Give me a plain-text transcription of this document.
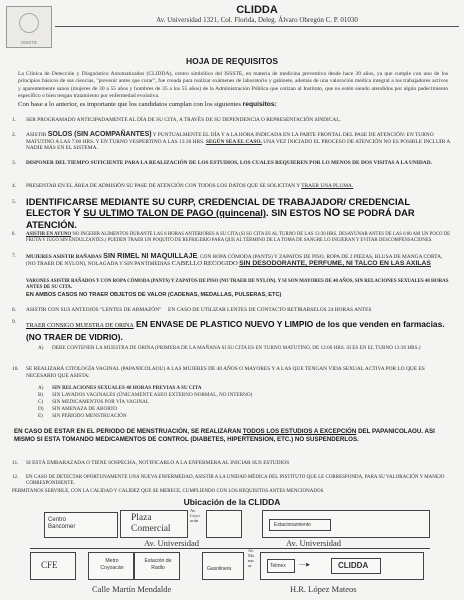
ISSSTE
CLIDDA
Av. Universidad 1321, Col. Florida, Deleg. Álvaro Obregón C. P. 01030
HOJA DE REQUISITOS
La Clínica de Detección y Diagnóstico Automatizados (CLIDDA), centro simbólico del ISSSTE, en materia de medicina preventiva desde hace 39 años, ya que cumple con uno de los principios básicos de sus ciencias, "prevenir antes que curar", fue creada para realizar exámenes de laboratorio y gabinete, además de una valoración médica integral a los trabajadores activos y aparentemente sanos (mujeres de 30 a 55 años y hombres de 35 a los 55 años) de la Administración Pública que cotizan al Instituto, que no estén siendo atendidos por algún padecimiento específico o bien tengan tratamiento por enfermedad evolutiva.
Con base a lo anterior, es importante que los candidatos cumplan con los siguientes requisitos:
1.	SER PROGRAMADO ANTICIPADAMENTE AL DÍA DE SU CITA, A TRAVÉS DE SU DEPENDENCIA O REPRESENTACIÓN SINDICAL.
2.	ASISTIR SOLOS (SIN ACOMPAÑANTES) Y PUNTUALMENTE EL DÍA Y A LA HORA INDICADA EN LA PARTE FRONTAL DEL PASE DE ATENCIÓN: EN TURNO MATUTINO A LAS 7:00 HRS. Y EN TURNO VESPERTINO A LAS 13:30 HRS. SEGÚN SEA EL CASO. UNA VEZ INICIADO EL PROCESO DE ATENCIÓN NO ES POSIBLE INCLUIR A NADIE MÁS EN EL SISTEMA.
3.	DISPONER DEL TIEMPO SUFICIENTE PARA LA REALIZACIÓN DE LOS ESTUDIOS, LOS CUALES REQUIEREN POR LO MENOS DE DOS VISITAS A LA UNIDAD.
4.	PRESENTAR EN EL ÁREA DE ADMISIÓN SU PASE DE ATENCIÓN CON TODOS LOS DATOS QUE SE SOLICITAN Y TRAER UNA PLUMA.
5.	IDENTIFICARSE MEDIANTE SU CURP, CREDENCIAL DE TRABAJADOR/ CREDENCIAL ELECTOR Y SU ULTIMO TALON DE PAGO (quincenal). SIN ESTOS NO SE PODRÁ DAR ATENCIÓN.
6.	ASISTIR EN AYUNO NO INGERIR ALIMENTOS DURANTE LAS 8 HORAS ANTERIORES A SU CITA (SI SU CITA ES AL TURNO DE LAS 13:30 HRS. DESAYUNAR ANTES DE LAS 6:00 AM UN POCO DE FRUTA Y JUGO SIN ENDULZANTES.) PUEDEN TRAER UN POQUITO DE REFRIGERIO PARA QUE AL TÉRMINO DE LA TOMA DE SANGRE LO INGIERAN Y EVITAR DESCOMPENSACIONES.
7.	MUJERES ASISTIR BAÑADAS SIN RIMEL NI MAQUILLAJE, CON ROPA CÓMODA (PANTS) Y ZAPATOS DE PISO, ROPA DE 2 PIEZAS, BLUSA DE MANGA CORTA, (NO TRAER DE NYLON), NOLAGADA Y SIN PANTIMEDIAS CABELLO RECOGIDO SIN DESODORANTE, PERFUME, NI TALCO EN LAS AXILAS
VARONES ASISTIR BAÑADOS Y CON ROPA CÓMODA (PANTS) Y ZAPATOS DE PISO (NO TRAER DE NYLON). Y SI SON MAYORES DE 40 AÑOS, SIN RELACIONES SEXUALES 48 HORAS ANTES DE SU CITA.
EN AMBOS CASOS NO TRAER OBJETOS DE VALOR (CADENAS, MEDALLAS, PULSERAS, ETC)
8.	ASISTIR CON SUS ANTEOJOS "LENTES DE ARMAZÓN" EN CASO DE UTILIZAR LENTES DE CONTACTO RETIRARSELOS 24 HORAS ANTES
9.
TRAER CONSIGO MUESTRA DE ORINA EN ENVASE DE PLASTICO NUEVO Y LIMPIO de los que venden en farmacias. (NO TRAER DE VIDRIO).
A) DEBE CONTENER LA MUESTRA DE ORINA (PRIMERA DE LA MAÑANA SI SU CITA ES EN TURNO MATUTINO, DE 12:00 HRS. SI ES EN EL TURNO 13:30 HRS.)
10.	SE REALIZARÁ CITOLOGÍA VAGINAL (PAPANICOLAOU) A LAS MUJERES DE 40 AÑOS O MAYORES Y A LAS QUE TENGAN VIDA SEXUAL ACTIVA POR LO QUE ES NECESARIO QUE ASISTA:
A) SIN RELACIONES SEXUALES 48 HORAS PREVIAS A SU CITA
B) SIN LAVADOS VAGINALES (ÚNICAMENTE ASEO EXTERNO NORMAL, NO INTERNO)
C) SIN MEDICAMENTOS POR VÍA VAGINAL
D) SIN AMENAZA DE ABORTO
E) SIN PERIODO MENSTRUACIÓN
EN CASO DE ESTAR EN EL PERIODO DE MENSTRUACIÓN, SE REALIZARAN TODOS LOS ESTUDIOS A EXCEPCIÓN DEL PAPANICOLAOU. ASI MISMO SI ESTA TOMANDO MEDICAMENTOS DE CONTROL (DIABETES, HIPERTENSION, ETC.) NO SUSPENDERLOS.
11.	SI ESTÁ EMBARAZADA O TIENE SOSPECHA, NOTIFICARLO A LA ENFERMERA AL INICIAR SUS ESTUDIOS
12.	EN CASO DE DETECTAR OPORTUNAMENTE UNA NUEVA ENFERMEDAD, ASISTIR A LA UNIDAD MÉDICA DEL INSTITUTO QUE LE CORRESPONDA, PARA SU VALORACIÓN Y MANEJO CORRESPONDIENTE.
PERMITANOS SERVIRLE, CON LA CALIDAD Y CALIDEZ QUE SE MERECE, CUMPLIENDO CON LOS REQUISITOS ANTES MENCIONADOS
Ubicación de la CLIDDA
Centro Bancomer
Plaza Comercial	Estacionamiento
Av. Coyoacán
Av. Manacar
Av. Universidad	Av. Universidad
CFE	Metro Coyoacán
Estación de Radio	Gasolinera	Telmex	──▶	CLIDDA
Calle Martín Mendalde	H.R. López Mateos
